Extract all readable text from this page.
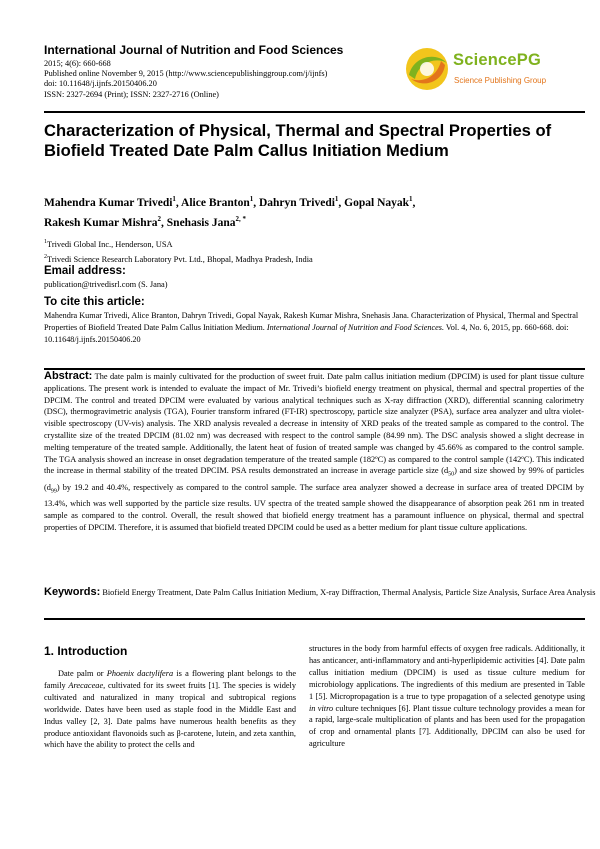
International Journal of Nutrition and Food Sciences
2015; 4(6): 660-668
Published online November 9, 2015 (http://www.sciencepublishinggroup.com/j/ijnfs)
doi: 10.11648/j.ijnfs.20150406.20
ISSN: 2327-2694 (Print); ISSN: 2327-2716 (Online)
SciencePG
Science Publishing Group
Characterization of Physical, Thermal and Spectral Properties of Biofield Treated Date Palm Callus Initiation Medium
Mahendra Kumar Trivedi$^1$, Alice Branton$^1$, Dahryn Trivedi$^1$, Gopal Nayak$^1$,
Rakesh Kumar Mishra$^2$, Snehasis Jana$^{2, *}$
$^1$Trivedi Global Inc., Henderson, USA
$^2$Trivedi Science Research Laboratory Pvt. Ltd., Bhopal, Madhya Pradesh, India
Email address:
publication@trivedisrl.com (S. Jana)
To cite this article:
Mahendra Kumar Trivedi, Alice Branton, Dahryn Trivedi, Gopal Nayak, Rakesh Kumar Mishra, Snehasis Jana. Characterization of Physical, Thermal and Spectral Properties of Biofield Treated Date Palm Callus Initiation Medium. International Journal of Nutrition and Food Sciences. Vol. 4, No. 6, 2015, pp. 660-668. doi: 10.11648/j.ijnfs.20150406.20
Abstract: The date palm is mainly cultivated for the production of sweet fruit. Date palm callus initiation medium (DPCIM) is used for plant tissue culture applications. The present work is intended to evaluate the impact of Mr. Trivedi’s biofield energy treatment on physical, thermal and spectral properties of the DPCIM. The control and treated DPCIM were evaluated by various analytical techniques such as X-ray diffraction (XRD), differential scanning calorimetry (DSC), thermogravimetric analysis (TGA), Fourier transform infrared (FT-IR) spectroscopy, particle size analyzer (PSA), surface area analyzer and ultra violet-visible spectroscopy (UV-vis) analysis. The XRD analysis revealed a decrease in intensity of XRD peaks of the treated sample as compared to the control. The crystallite size of the treated DPCIM (81.02 nm) was decreased with respect to the control sample (84.99 nm). The DSC analysis showed a slight decrease in melting temperature of the treated sample. Additionally, the latent heat of fusion of treated sample was changed by 45.66% as compared to the control sample. The TGA analysis showed an increase in onset degradation temperature of the treated sample (182ºC) as compared to the control sample (142ºC). This indicated the increase in thermal stability of the treated DPCIM. PSA results demonstrated an increase in average particle size $(d_{50})$ and size showed by 99% of particles $(d_{99})$ by 19.2 and 40.4%, respectively as compared to the control sample. The surface area analyzer showed a decrease in surface area of treated DPCIM by 13.4%, which was well supported by the particle size results. UV spectra of the treated sample showed the disappearance of absorption peak 261 nm in treated sample as compared to the control. Overall, the result showed that biofield energy treatment has a paramount influence on physical, thermal and spectral properties of DPCIM. Therefore, it is assumed that biofield treated DPCIM could be used as a better medium for plant tissue culture applications.
Keywords: Biofield Energy Treatment, Date Palm Callus Initiation Medium, X-ray Diffraction, Thermal Analysis, Particle Size Analysis, Surface Area Analysis
1. Introduction
Date palm or Phoenix dactylifera is a flowering plant belongs to the family Arecaceae, cultivated for its sweet fruits [1]. The species is widely cultivated and naturalized in many tropical and subtropical regions worldwide. Dates have been used as staple food in the Middle East and Indus valley [2, 3]. Date palms have numerous health benefits as they produce antioxidant flavonoids such as β-carotene, lutein, and zeta xanthin, which have the ability to protect the cells and
structures in the body from harmful effects of oxygen free radicals. Additionally, it has anticancer, anti-inflammatory and anti-hyperlipidemic activities [4]. Date palm callus initiation medium (DPCIM) is used as tissue culture medium for microbiology applications. The ingredients of this medium are presented in Table 1 [5]. Micropropagation is a true to type propagation of a selected genotype using in vitro culture techniques [6]. Plant tissue culture technology provides a mean for a rapid, large-scale multiplication of plants and has been used for the propagation of crop and ornamental plants [7]. Additionally, DPCIM can also be used for agriculture
